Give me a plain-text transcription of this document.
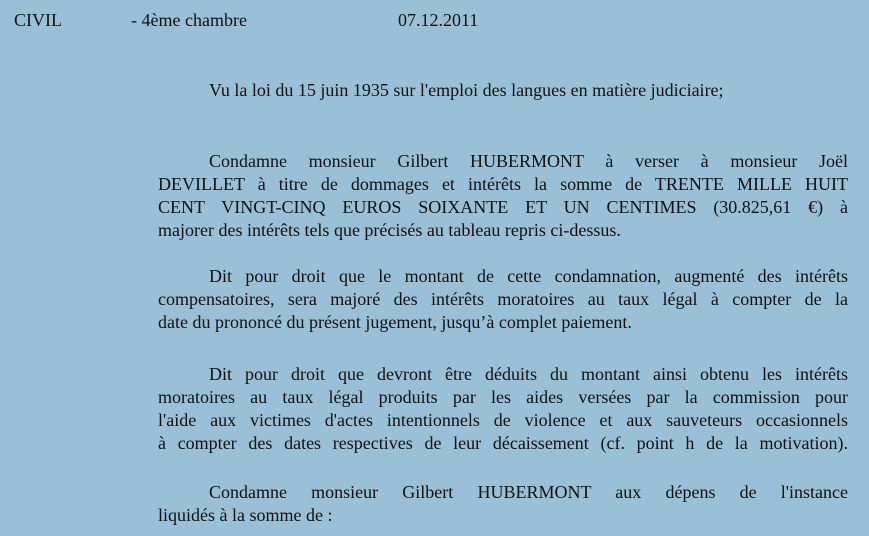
CIVIL	- 4ème chambre	07.12.2011
Vu la loi du 15 juin 1935 sur l'emploi des langues en matière judiciaire;
Condamne monsieur Gilbert HUBERMONT à verser à monsieur Joël
DEVILLET à titre de dommages et intérêts la somme de TRENTE MILLE HUIT
CENT VINGT-CINQ EUROS SOIXANTE ET UN CENTIMES (30.825,61 €) à
majorer des intérêts tels que précisés au tableau repris ci-dessus.
Dit pour droit que le montant de cette condamnation, augmenté des intérêts
compensatoires, sera majoré des intérêts moratoires au taux légal à compter de la
date du prononcé du présent jugement, jusqu’à complet paiement.
Dit pour droit que devront être déduits du montant ainsi obtenu les intérêts
moratoires au taux légal produits par les aides versées par la commission pour
l'aide aux victimes d'actes intentionnels de violence et aux sauveteurs occasionnels
à compter des dates respectives de leur décaissement (cf. point h de la motivation).
Condamne monsieur Gilbert HUBERMONT aux dépens de l'instance
liquidés à la somme de :
